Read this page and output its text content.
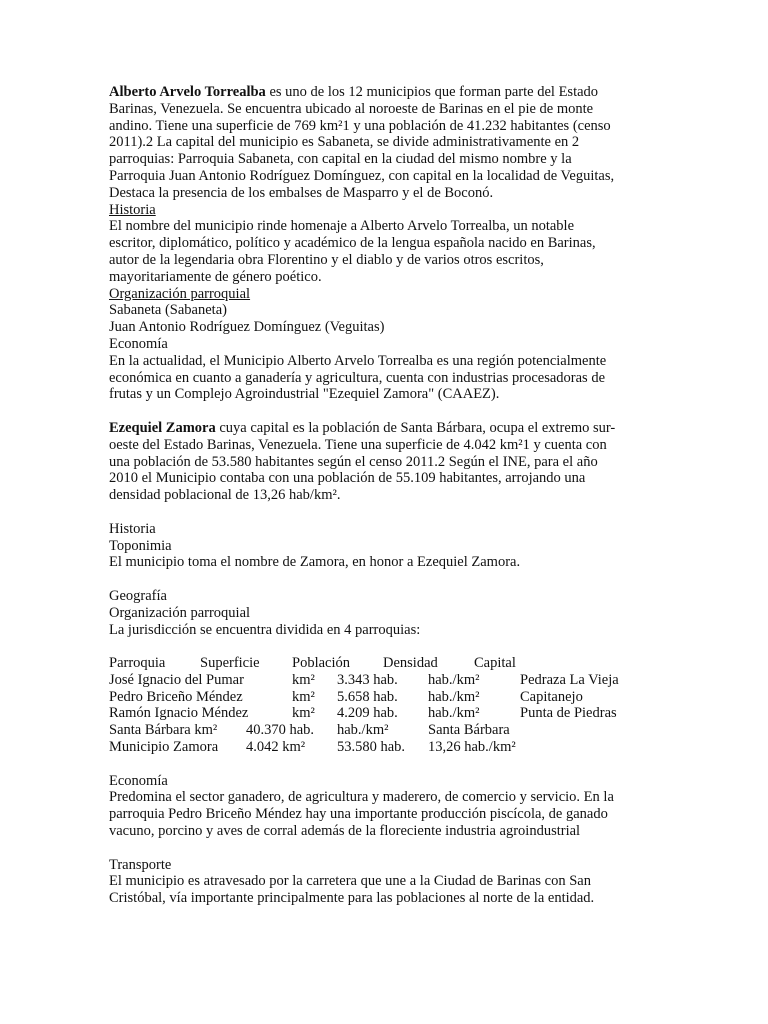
Alberto Arvelo Torrealba es uno de los 12 municipios que forman parte del Estado

Barinas, Venezuela. Se encuentra ubicado al noroeste de Barinas en el pie de monte

andino. Tiene una superficie de 769 km²1 y una población de 41.232 habitantes (censo

2011).2 La capital del municipio es Sabaneta, se divide administrativamente en 2

parroquias: Parroquia Sabaneta, con capital en la ciudad del mismo nombre y la

Parroquia Juan Antonio Rodríguez Domínguez, con capital en la localidad de Veguitas,

Destaca la presencia de los embalses de Masparro y el de Boconó.

Historia

El nombre del municipio rinde homenaje a Alberto Arvelo Torrealba, un notable

escritor, diplomático, político y académico de la lengua española nacido en Barinas,

autor de la legendaria obra Florentino y el diablo y de varios otros escritos,

mayoritariamente de género poético.

Organización parroquial

Sabaneta (Sabaneta)

Juan Antonio Rodríguez Domínguez (Veguitas)

Economía

En la actualidad, el Municipio Alberto Arvelo Torrealba es una región potencialmente

económica en cuanto a ganadería y agricultura, cuenta con industrias procesadoras de

frutas y un Complejo Agroindustrial "Ezequiel Zamora" (CAAEZ).

Ezequiel Zamora cuya capital es la población de Santa Bárbara, ocupa el extremo sur-

oeste del Estado Barinas, Venezuela. Tiene una superficie de 4.042 km²1 y cuenta con

una población de 53.580 habitantes según el censo 2011.2 Según el INE, para el año

2010 el Municipio contaba con una población de 55.109 habitantes, arrojando una

densidad poblacional de 13,26 hab/km².

Historia

Toponimia

El municipio toma el nombre de Zamora, en honor a Ezequiel Zamora.

Geografía

Organización parroquial

La jurisdicción se encuentra dividida en 4 parroquias:

Parroquia Superficie Población Densidad Capital
José Ignacio del Pumar	km² 3.343 hab. hab./km²	Pedraza La Vieja
Pedro Briceño Méndez	km² 5.658 hab. hab./km²	Capitanejo
Ramón Ignacio Méndez	km² 4.209 hab. hab./km²	Punta de Piedras
Santa Bárbara km² 40.370 hab. hab./km²	Santa Bárbara
Municipio Zamora 4.042 km² 53.580 hab. 13,26 hab./km²

Economía

Predomina el sector ganadero, de agricultura y maderero, de comercio y servicio. En la

parroquia Pedro Briceño Méndez hay una importante producción piscícola, de ganado

vacuno, porcino y aves de corral además de la floreciente industria agroindustrial

Transporte

El municipio es atravesado por la carretera que une a la Ciudad de Barinas con San

Cristóbal, vía importante principalmente para las poblaciones al norte de la entidad.
